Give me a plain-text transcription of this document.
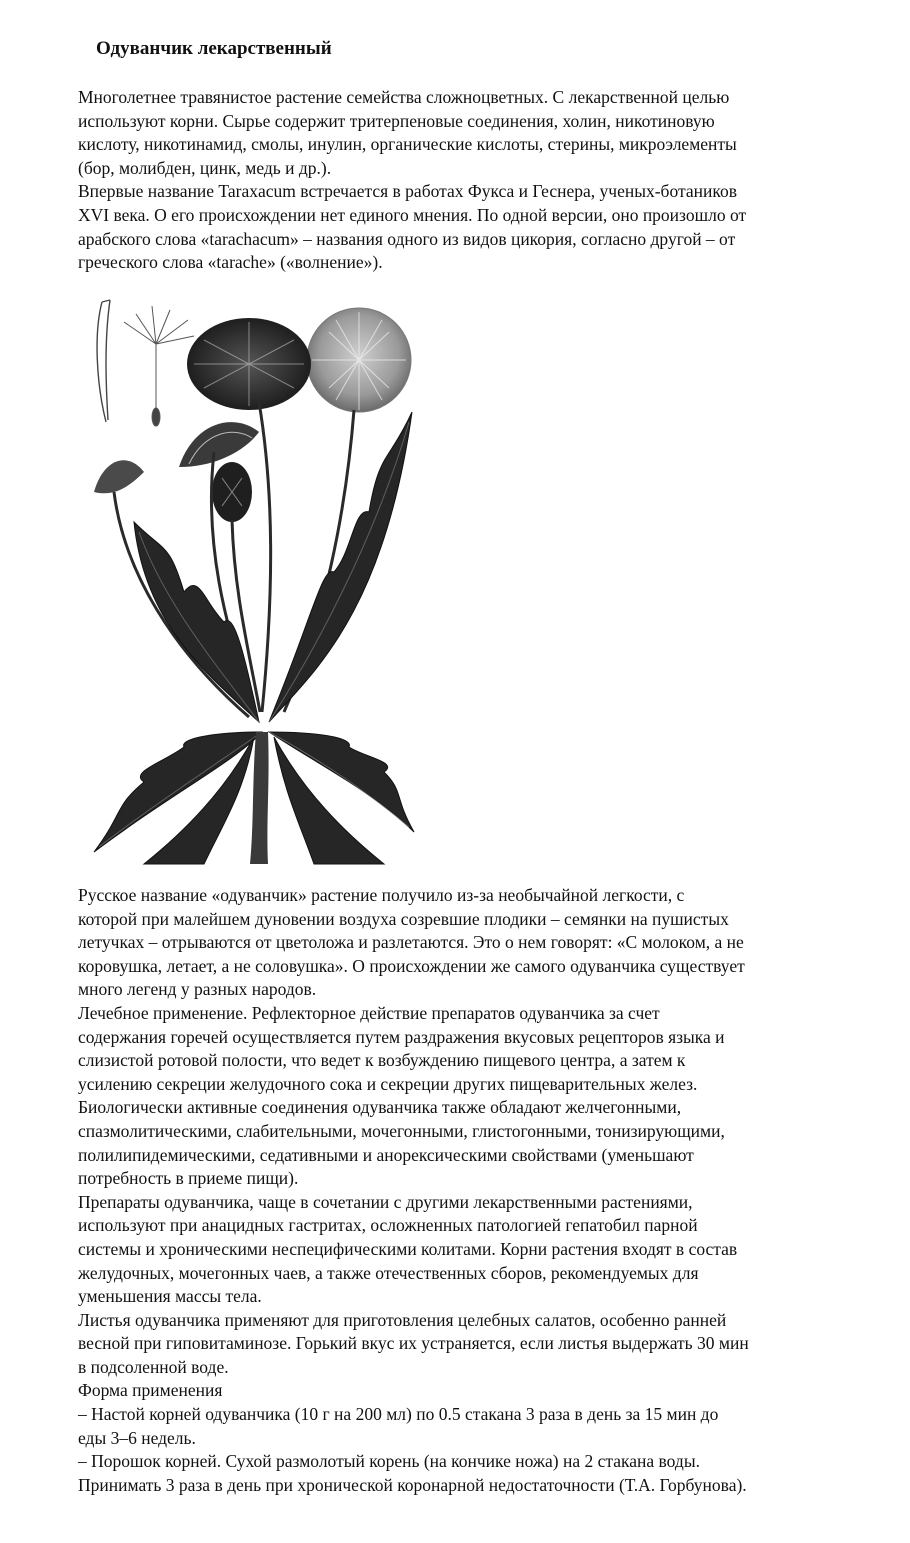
Одуванчик лекарственный
Многолетнее травянистое растение семейства сложноцветных. С лекарственной целью
используют корни. Сырье содержит тритерпеновые соединения, холин, никотиновую
кислоту, никотинамид, смолы, инулин, органические кислоты, стерины, микроэлементы
(бор, молибден, цинк, медь и др.).
Впервые название Taraxacum встречается в работах Фукса и Геснера, ученых-ботаников
XVI века. О его происхождении нет единого мнения. По одной версии, оно произошло от
арабского слова «tarachacum» – названия одного из видов цикория, согласно другой – от
греческого слова «tarache» («волнение»).
Русское название «одуванчик» растение получило из-за необычайной легкости, с
которой при малейшем дуновении воздуха созревшие плодики – семянки на пушистых
летучках – отрываются от цветоложа и разлетаются. Это о нем говорят: «С молоком, а не
коровушка, летает, а не соловушка». О происхождении же самого одуванчика существует
много легенд у разных народов.
Лечебное применение. Рефлекторное действие препаратов одуванчика за счет
содержания горечей осуществляется путем раздражения вкусовых рецепторов языка и
слизистой ротовой полости, что ведет к возбуждению пищевого центра, а затем к
усилению секреции желудочного сока и секреции других пищеварительных желез.
Биологически активные соединения одуванчика также обладают желчегонными,
спазмолитическими, слабительными, мочегонными, глистогонными, тонизирующими,
полилипидемическими, седативными и анорексическими свойствами (уменьшают
потребность в приеме пищи).
Препараты одуванчика, чаще в сочетании с другими лекарственными растениями,
используют при анацидных гастритах, осложненных патологией гепатобил парной
системы и хроническими неспецифическими колитами. Корни растения входят в состав
желудочных, мочегонных чаев, а также отечественных сборов, рекомендуемых для
уменьшения массы тела.
Листья одуванчика применяют для приготовления целебных салатов, особенно ранней
весной при гиповитаминозе. Горький вкус их устраняется, если листья выдержать 30 мин
в подсоленной воде.
Форма применения
– Настой корней одуванчика (10 г на 200 мл) по 0.5 стакана 3 раза в день за 15 мин до
еды 3–6 недель.
– Порошок корней. Сухой размолотый корень (на кончике ножа) на 2 стакана воды.
Принимать 3 раза в день при хронической коронарной недостаточности (Т.А. Горбунова).
